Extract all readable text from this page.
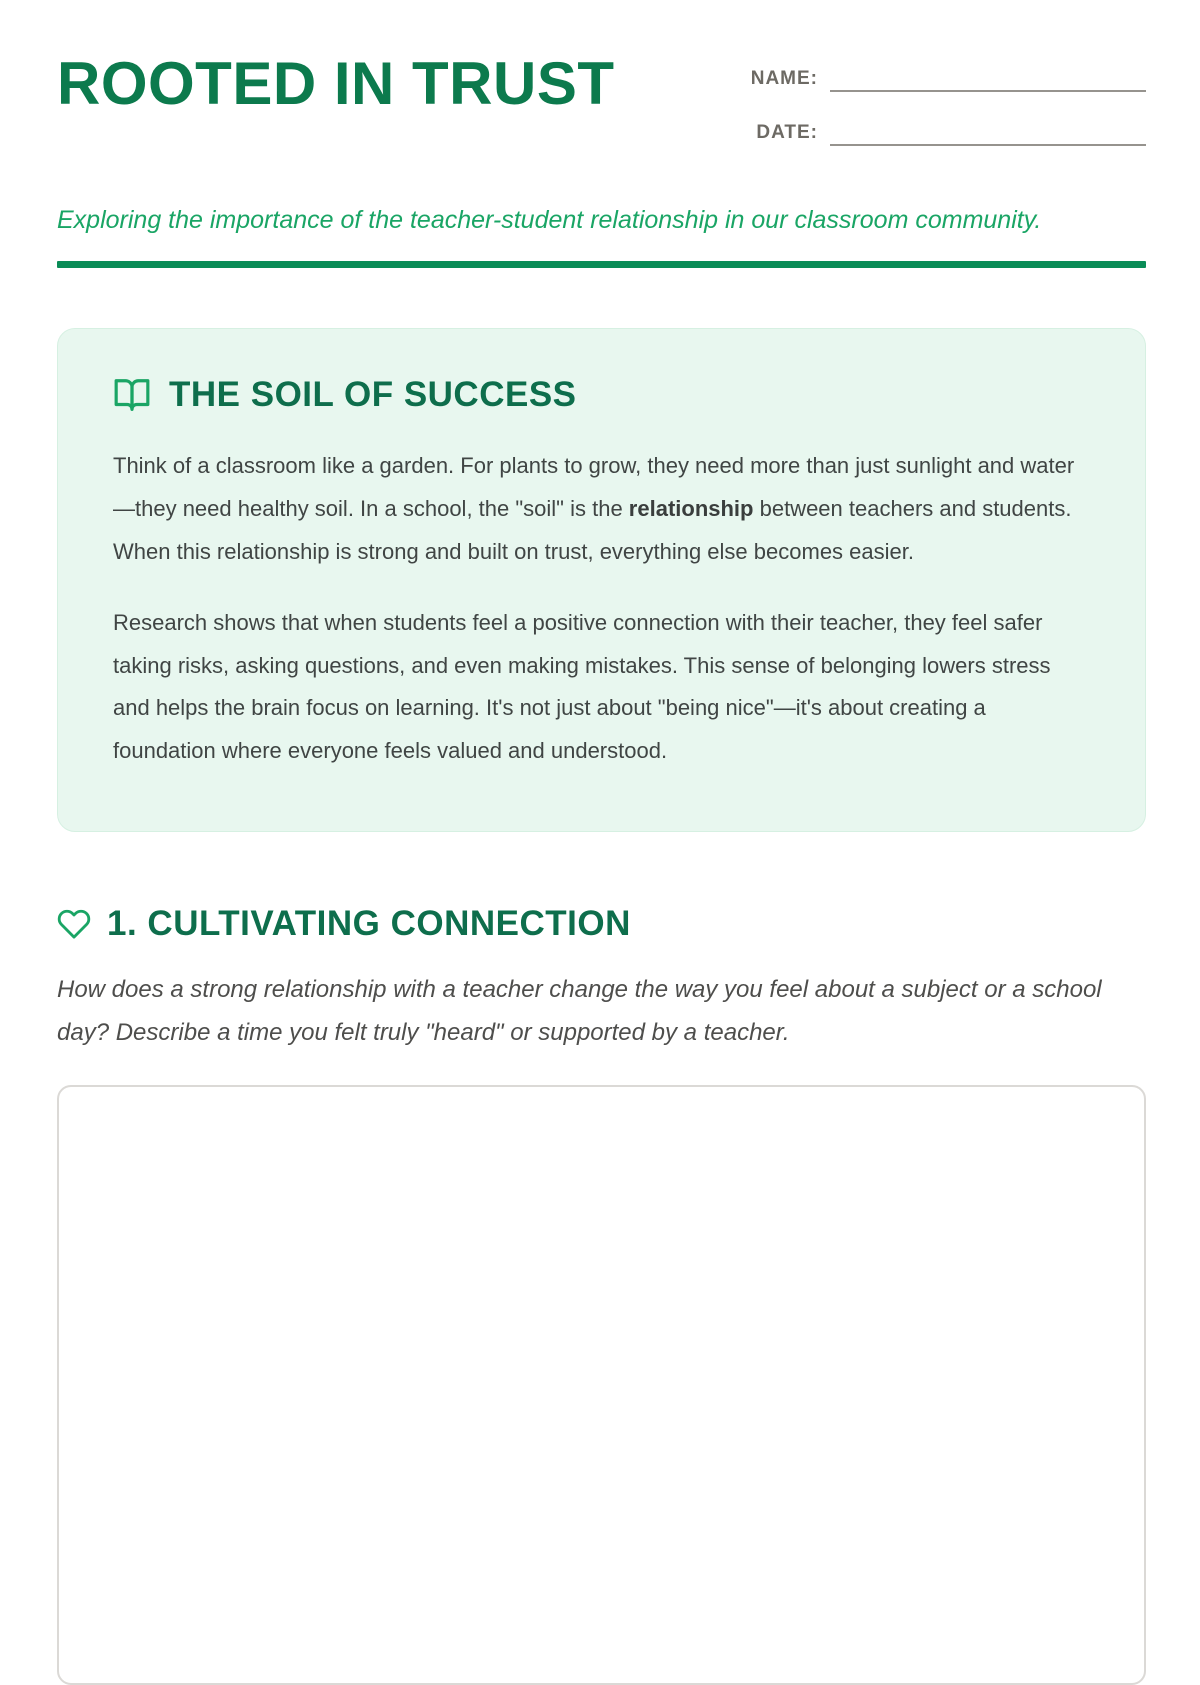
ROOTED IN TRUST	NAME:
DATE:

Exploring the importance of the teacher-student relationship in our classroom community.

THE SOIL OF SUCCESS

Think of a classroom like a garden. For plants to grow, they need more than just sunlight and water—they need healthy soil. In a school, the "soil" is the relationship between teachers and students. When this relationship is strong and built on trust, everything else becomes easier.

Research shows that when students feel a positive connection with their teacher, they feel safer taking risks, asking questions, and even making mistakes. This sense of belonging lowers stress and helps the brain focus on learning. It's not just about "being nice"—it's about creating a foundation where everyone feels valued and understood.

1. CULTIVATING CONNECTION

How does a strong relationship with a teacher change the way you feel about a subject or a school day? Describe a time you felt truly "heard" or supported by a teacher.
